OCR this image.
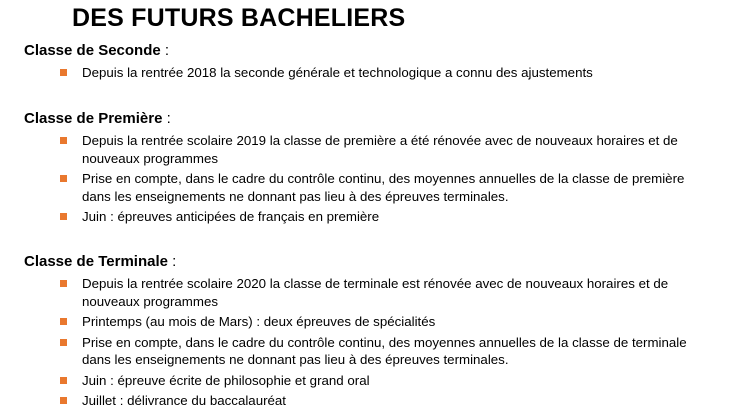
DES FUTURS BACHELIERS
Classe de Seconde :
Depuis la rentrée 2018 la seconde générale et technologique a connu des ajustements
Classe de Première :
Depuis la rentrée scolaire 2019 la classe de première a été rénovée avec de nouveaux horaires et de nouveaux programmes
Prise en compte, dans le cadre du contrôle continu, des moyennes annuelles de la classe de première dans les enseignements ne donnant pas lieu à des épreuves terminales.
Juin : épreuves anticipées de français en première
Classe de Terminale :
Depuis la rentrée scolaire 2020 la classe de terminale est rénovée avec de nouveaux horaires et de nouveaux programmes
Printemps (au mois de Mars) : deux épreuves de spécialités
Prise en compte, dans le cadre du contrôle continu, des moyennes annuelles de la classe de terminale dans les enseignements ne donnant pas lieu à des épreuves terminales.
Juin : épreuve écrite de philosophie et grand oral
Juillet : délivrance du baccalauréat
